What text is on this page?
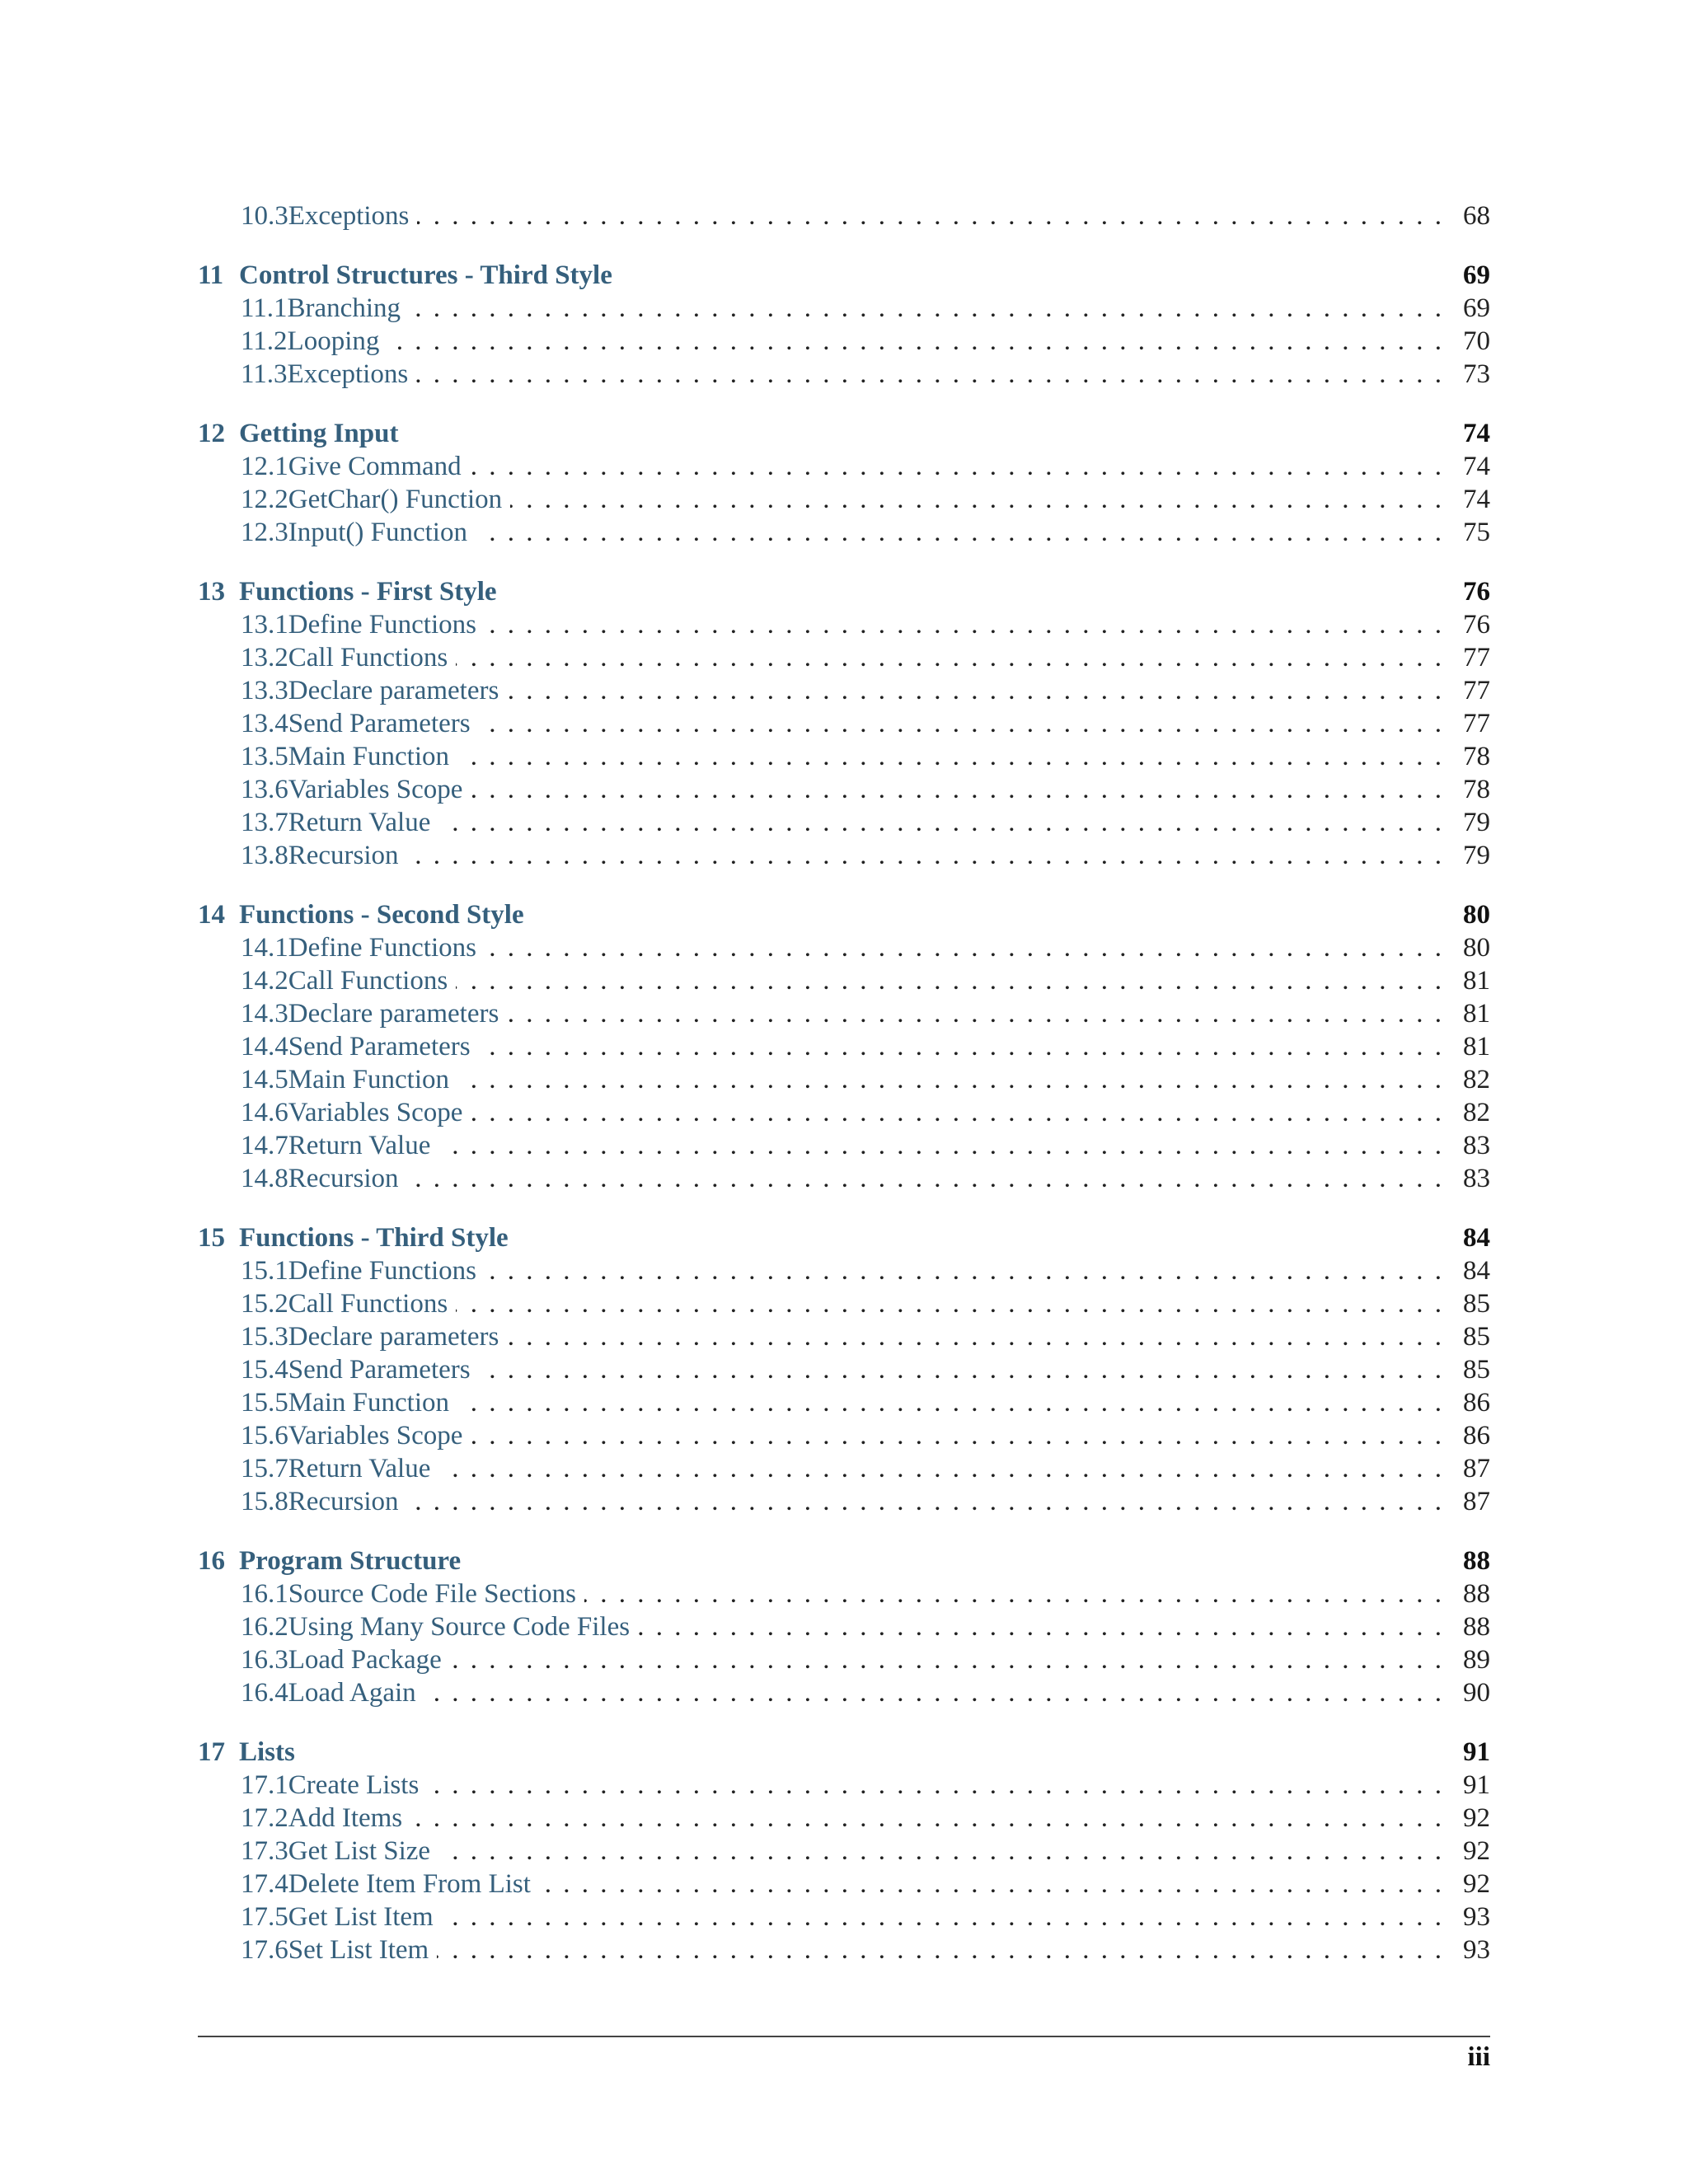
10.3 Exceptions . . .	68
11 Control Structures - Third Style	69
11.1 Branching . . .	69
11.2 Looping . . .	70
11.3 Exceptions . . .	73
12 Getting Input	74
12.1 Give Command . . .	74
12.2 GetChar() Function . . .	74
12.3 Input() Function . . .	75
13 Functions - First Style	76
13.1 Define Functions . . .	76
13.2 Call Functions . . .	77
13.3 Declare parameters . . .	77
13.4 Send Parameters . . .	77
13.5 Main Function . . .	78
13.6 Variables Scope . . .	78
13.7 Return Value . . .	79
13.8 Recursion . . .	79
14 Functions - Second Style	80
14.1 Define Functions . . .	80
14.2 Call Functions . . .	81
14.3 Declare parameters . . .	81
14.4 Send Parameters . . .	81
14.5 Main Function . . .	82
14.6 Variables Scope . . .	82
14.7 Return Value . . .	83
14.8 Recursion . . .	83
15 Functions - Third Style	84
15.1 Define Functions . . .	84
15.2 Call Functions . . .	85
15.3 Declare parameters . . .	85
15.4 Send Parameters . . .	85
15.5 Main Function . . .	86
15.6 Variables Scope . . .	86
15.7 Return Value . . .	87
15.8 Recursion . . .	87
16 Program Structure	88
16.1 Source Code File Sections . . .	88
16.2 Using Many Source Code Files . . .	88
16.3 Load Package . . .	89
16.4 Load Again . . .	90
17 Lists	91
17.1 Create Lists . . .	91
17.2 Add Items . . .	92
17.3 Get List Size . . .	92
17.4 Delete Item From List . . .	92
17.5 Get List Item . . .	93
17.6 Set List Item . . .	93
iii
